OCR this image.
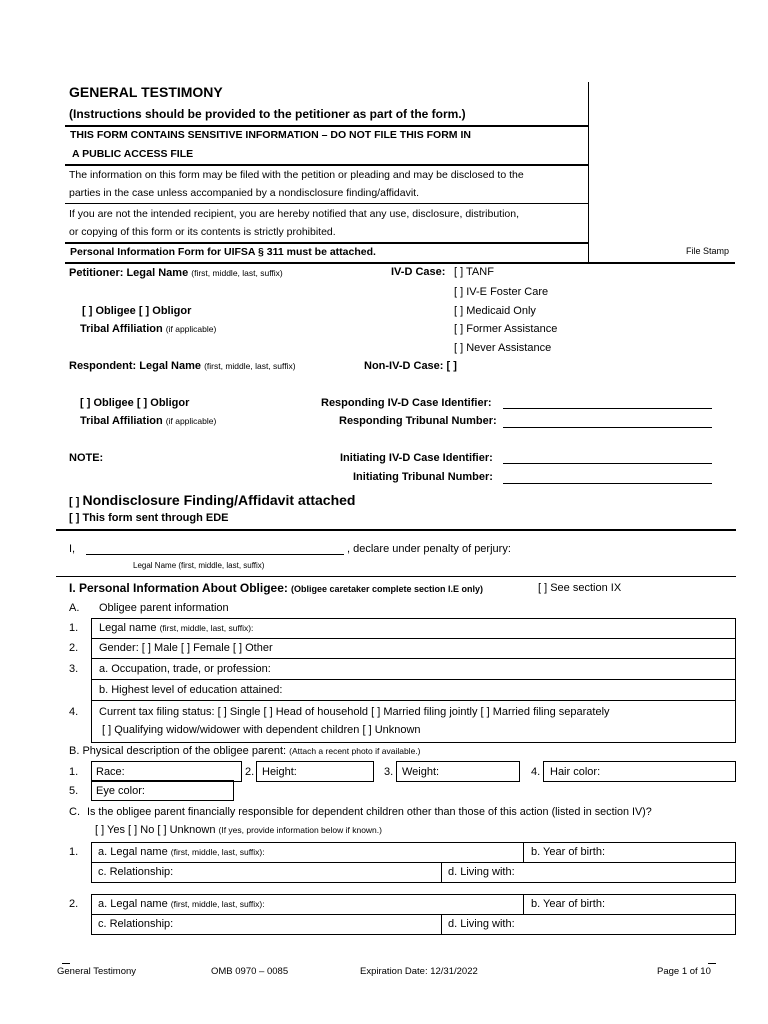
GENERAL TESTIMONY
(Instructions should be provided to the petitioner as part of the form.)
THIS FORM CONTAINS SENSITIVE INFORMATION – DO NOT FILE THIS FORM IN
A PUBLIC ACCESS FILE
The information on this form may be filed with the petition or pleading and may be disclosed to the
parties in the case unless accompanied by a nondisclosure finding/affidavit.
If you are not the intended recipient, you are hereby notified that any use, disclosure, distribution,
or copying of this form or its contents is strictly prohibited.
Personal Information Form for UIFSA § 311 must be attached.	File Stamp
Petitioner: Legal Name (first, middle, last, suffix)
[ ] Obligee [ ] Obligor
Tribal Affiliation (if applicable)
IV-D Case: [ ] TANF
[ ] IV-E Foster Care
[ ] Medicaid Only
[ ] Former Assistance
[ ] Never Assistance
Respondent: Legal Name (first, middle, last, suffix)	Non-IV-D Case: [ ]
[ ] Obligee [ ] Obligor
Tribal Affiliation (if applicable)
Responding IV-D Case Identifier:
Responding Tribunal Number:
NOTE:	Initiating IV-D Case Identifier:
Initiating Tribunal Number:
[ ] Nondisclosure Finding/Affidavit attached
[ ] This form sent through EDE
I,	, declare under penalty of perjury:
Legal Name (first, middle, last, suffix)
I. Personal Information About Obligee: (Obligee caretaker complete section I.E only)	[ ] See section IX
A. Obligee parent information
1. Legal name (first, middle, last, suffix):
2. Gender: [ ] Male [ ] Female [ ] Other
3. a. Occupation, trade, or profession:
b. Highest level of education attained:
4. Current tax filing status: [ ] Single [ ] Head of household [ ] Married filing jointly [ ] Married filing separately
[ ] Qualifying widow/widower with dependent children [ ] Unknown
B. Physical description of the obligee parent: (Attach a recent photo if available.)
1. Race:	2. Height:	3. Weight:	4. Hair color:
5. Eye color:
C. Is the obligee parent financially responsible for dependent children other than those of this action (listed in section IV)?
[ ] Yes [ ] No [ ] Unknown (If yes, provide information below if known.)
1. a. Legal name (first, middle, last, suffix):	b. Year of birth:
c. Relationship:	d. Living with:
2. a. Legal name (first, middle, last, suffix):	b. Year of birth:
c. Relationship:	d. Living with:
General Testimony	OMB 0970 – 0085	Expiration Date: 12/31/2022	Page 1 of 10
